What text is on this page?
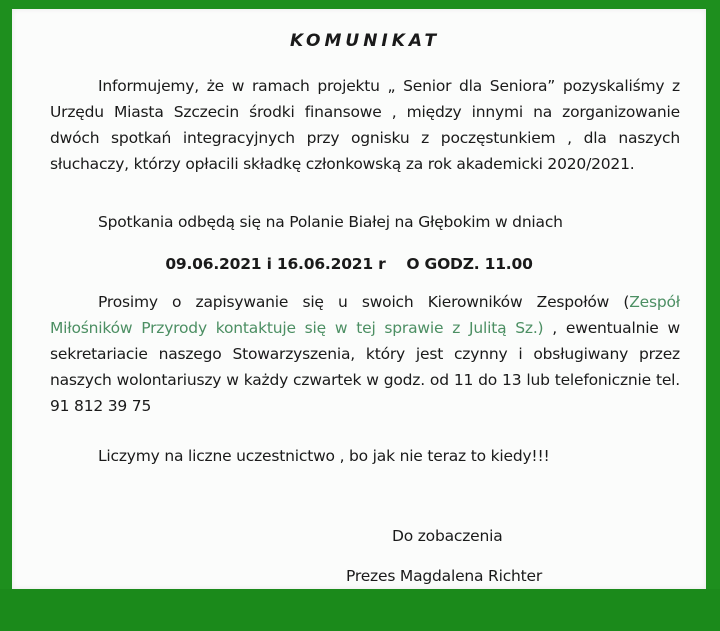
KOMUNIKAT
Informujemy, że w ramach projektu „ Senior dla Seniora” pozyskaliśmy z Urzędu Miasta Szczecin środki finansowe , między innymi na zorganizowanie dwóch spotkań integracyjnych przy ognisku z poczęstunkiem , dla naszych słuchaczy, którzy opłacili składkę członkowską za rok akademicki 2020/2021.
Spotkania odbędą się na Polanie Białej na Głębokim w dniach
09.06.2021 i 16.06.2021 r    O GODZ. 11.00
Prosimy o zapisywanie się u swoich Kierowników Zespołów (Zespół Miłośników Przyrody kontaktuje się w tej sprawie z Julitą Sz.) , ewentualnie w sekretariacie naszego Stowarzyszenia, który jest czynny i obsługiwany przez naszych wolontariuszy w każdy czwartek w godz. od 11 do 13 lub telefonicznie tel. 91 812 39 75
Liczymy na liczne uczestnictwo , bo jak nie teraz to kiedy!!!
Do zobaczenia
Prezes Magdalena Richter
